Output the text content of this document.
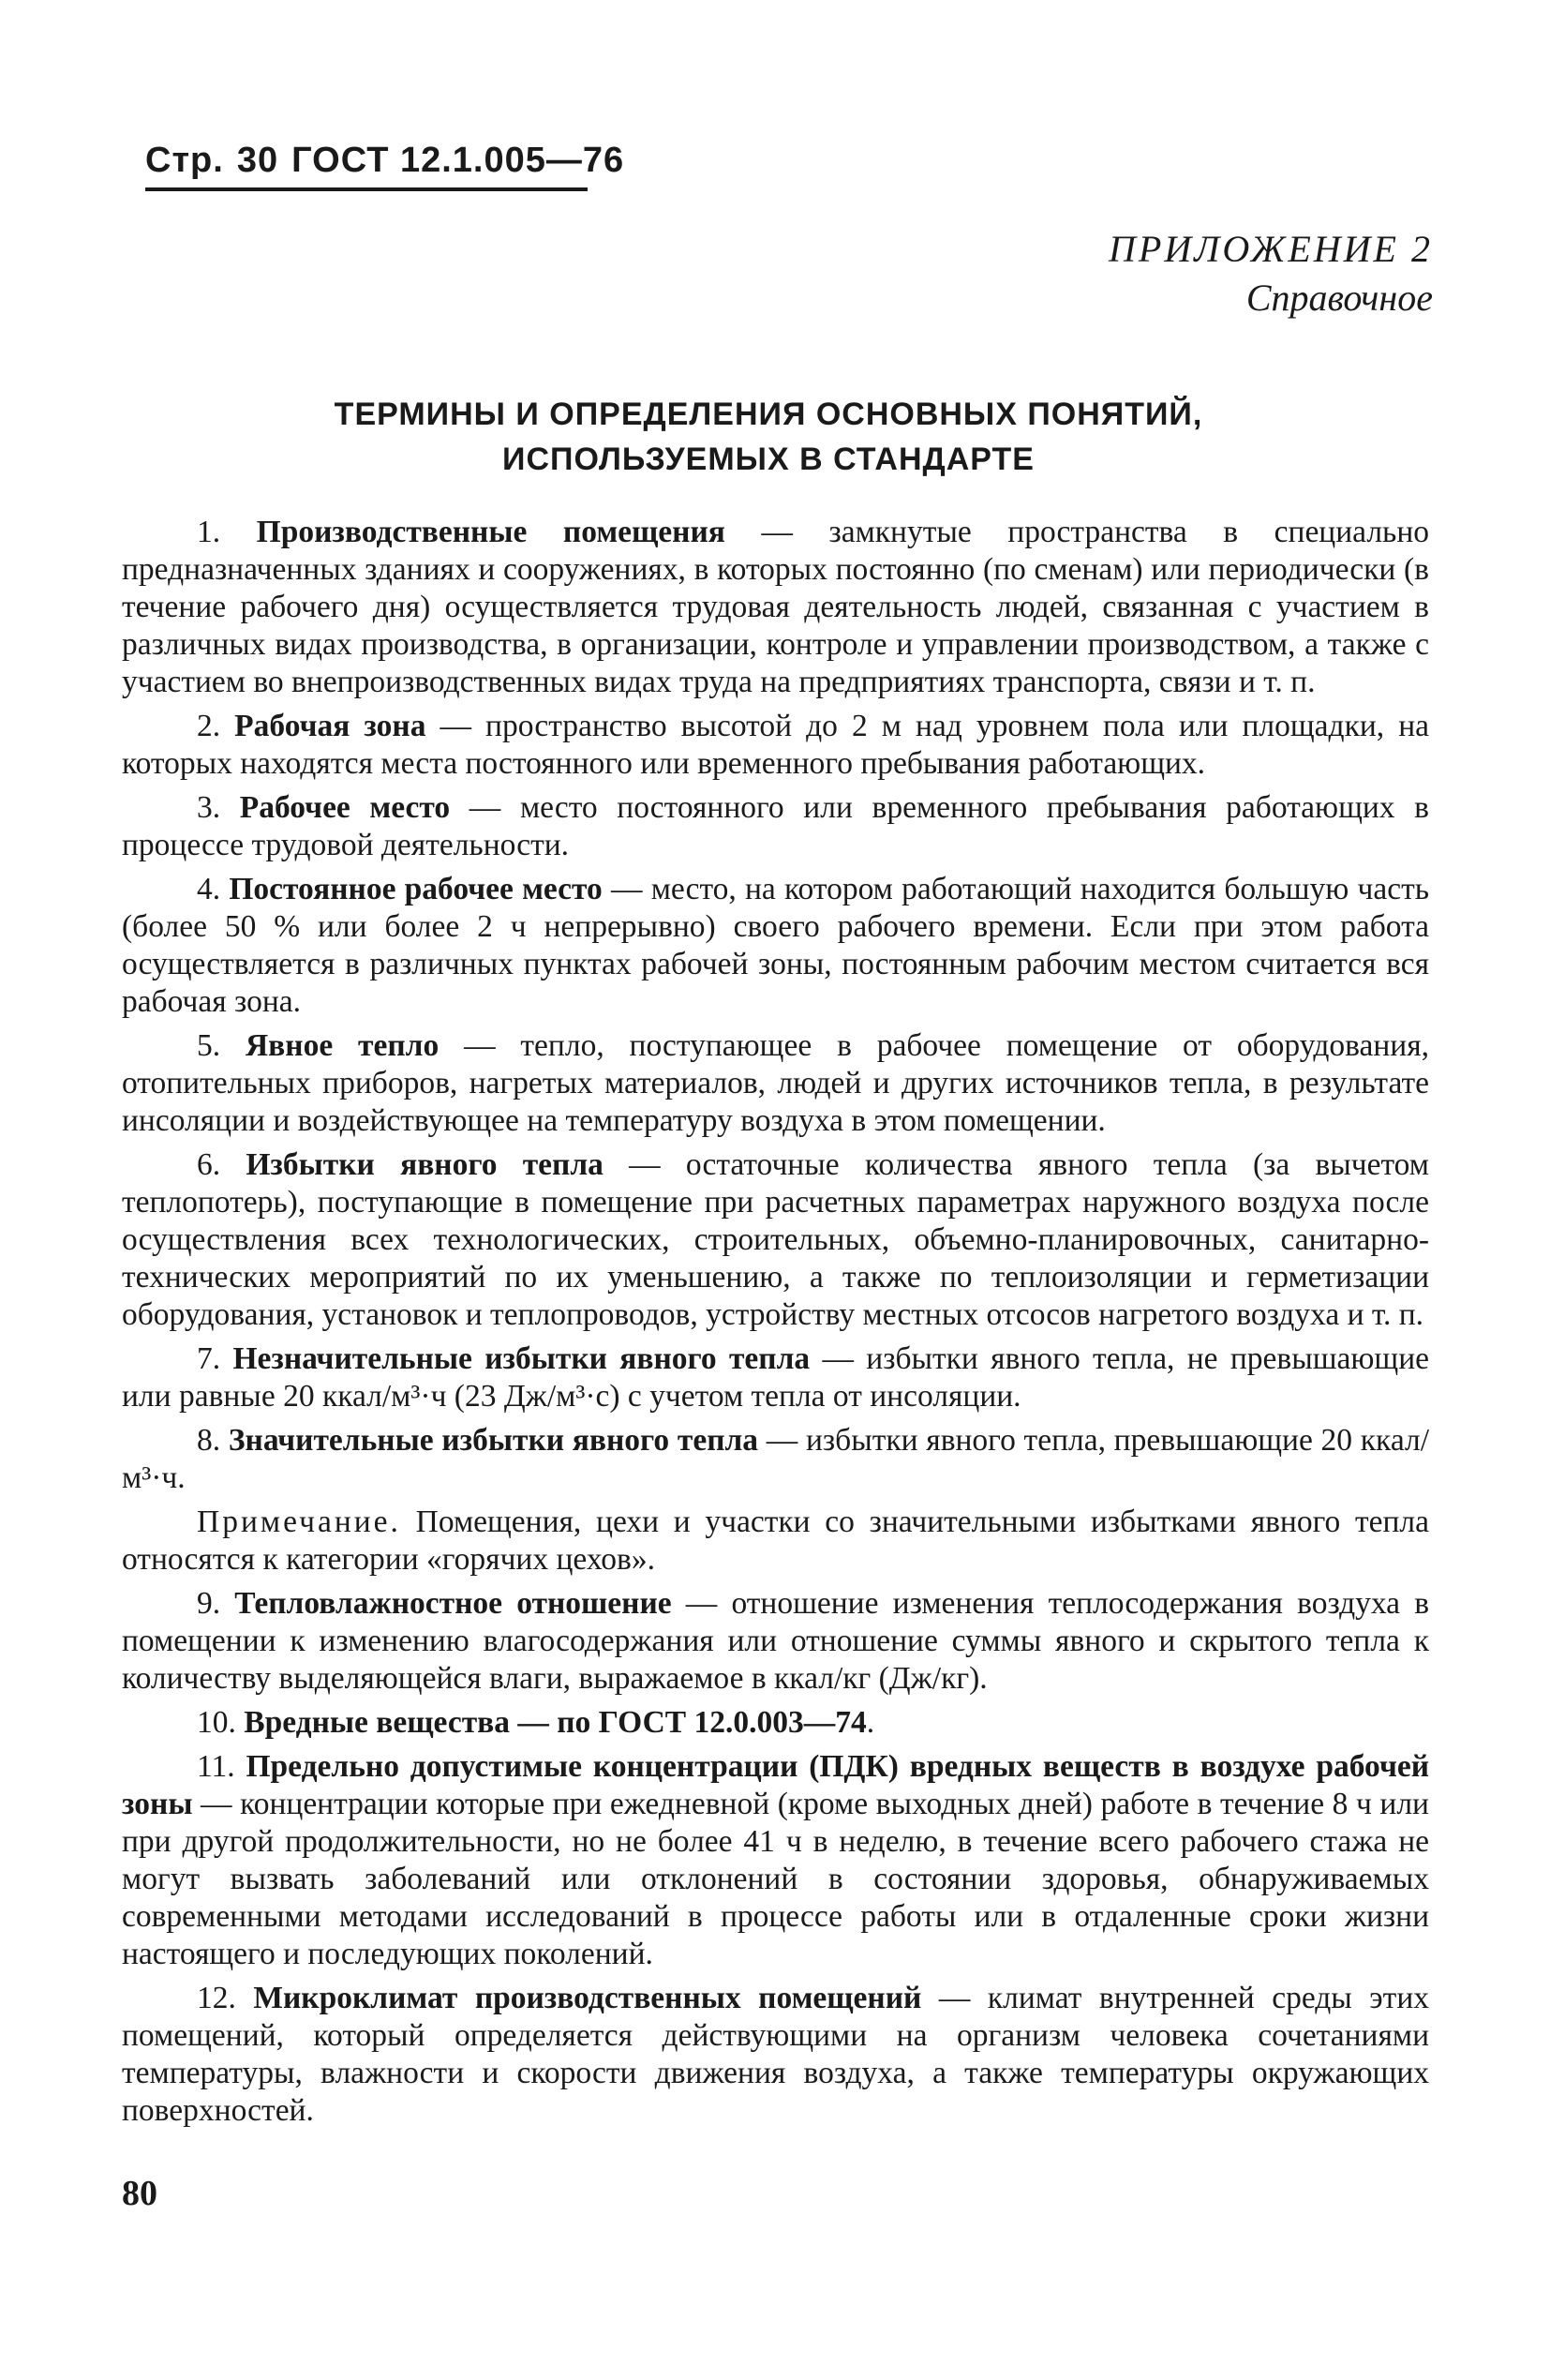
Стр. 30 ГОСТ 12.1.005—76
ПРИЛОЖЕНИЕ 2
Справочное
ТЕРМИНЫ И ОПРЕДЕЛЕНИЯ ОСНОВНЫХ ПОНЯТИЙ,
ИСПОЛЬЗУЕМЫХ В СТАНДАРТЕ

1. Производственные помещения — замкнутые пространства в специально предназначенных зданиях и сооружениях, в которых постоянно (по сменам) или периодически (в течение рабочего дня) осуществляется трудовая деятельность людей, связанная с участием в различных видах производства, в организации, контроле и управлении производством, а также с участием во внепроизводственных видах труда на предприятиях транспорта, связи и т. п.

2. Рабочая зона — пространство высотой до 2 м над уровнем пола или площадки, на которых находятся места постоянного или временного пребывания работающих.

3. Рабочее место — место постоянного или временного пребывания работающих в процессе трудовой деятельности.

4. Постоянное рабочее место — место, на котором работающий находится большую часть (более 50 % или более 2 ч непрерывно) своего рабочего времени. Если при этом работа осуществляется в различных пунктах рабочей зоны, постоянным рабочим местом считается вся рабочая зона.

5. Явное тепло — тепло, поступающее в рабочее помещение от оборудования, отопительных приборов, нагретых материалов, людей и других источников тепла, в результате инсоляции и воздействующее на температуру воздуха в этом помещении.

6. Избытки явного тепла — остаточные количества явного тепла (за вычетом теплопотерь), поступающие в помещение при расчетных параметрах наружного воздуха после осуществления всех технологических, строительных, объемно-планировочных, санитарно-технических мероприятий по их уменьшению, а также по теплоизоляции и герметизации оборудования, установок и теплопроводов, устройству местных отсосов нагретого воздуха и т. п.

7. Незначительные избытки явного тепла — избытки явного тепла, не превышающие или равные 20 ккал/м³·ч (23 Дж/м³·с) с учетом тепла от инсоляции.

8. Значительные избытки явного тепла — избытки явного тепла, превышающие 20 ккал/м³·ч.

Примечание. Помещения, цехи и участки со значительными избытками явного тепла относятся к категории «горячих цехов».

9. Тепловлажностное отношение — отношение изменения теплосодержания воздуха в помещении к изменению влагосодержания или отношение суммы явного и скрытого тепла к количеству выделяющейся влаги, выражаемое в ккал/кг (Дж/кг).

10. Вредные вещества — по ГОСТ 12.0.003—74.

11. Предельно допустимые концентрации (ПДК) вредных веществ в воздухе рабочей зоны — концентрации которые при ежедневной (кроме выходных дней) работе в течение 8 ч или при другой продолжительности, но не более 41 ч в неделю, в течение всего рабочего стажа не могут вызвать заболеваний или отклонений в состоянии здоровья, обнаруживаемых современными методами исследований в процессе работы или в отдаленные сроки жизни настоящего и последующих поколений.

12. Микроклимат производственных помещений — климат внутренней среды этих помещений, который определяется действующими на организм человека сочетаниями температуры, влажности и скорости движения воздуха, а также температуры окружающих поверхностей.

80
